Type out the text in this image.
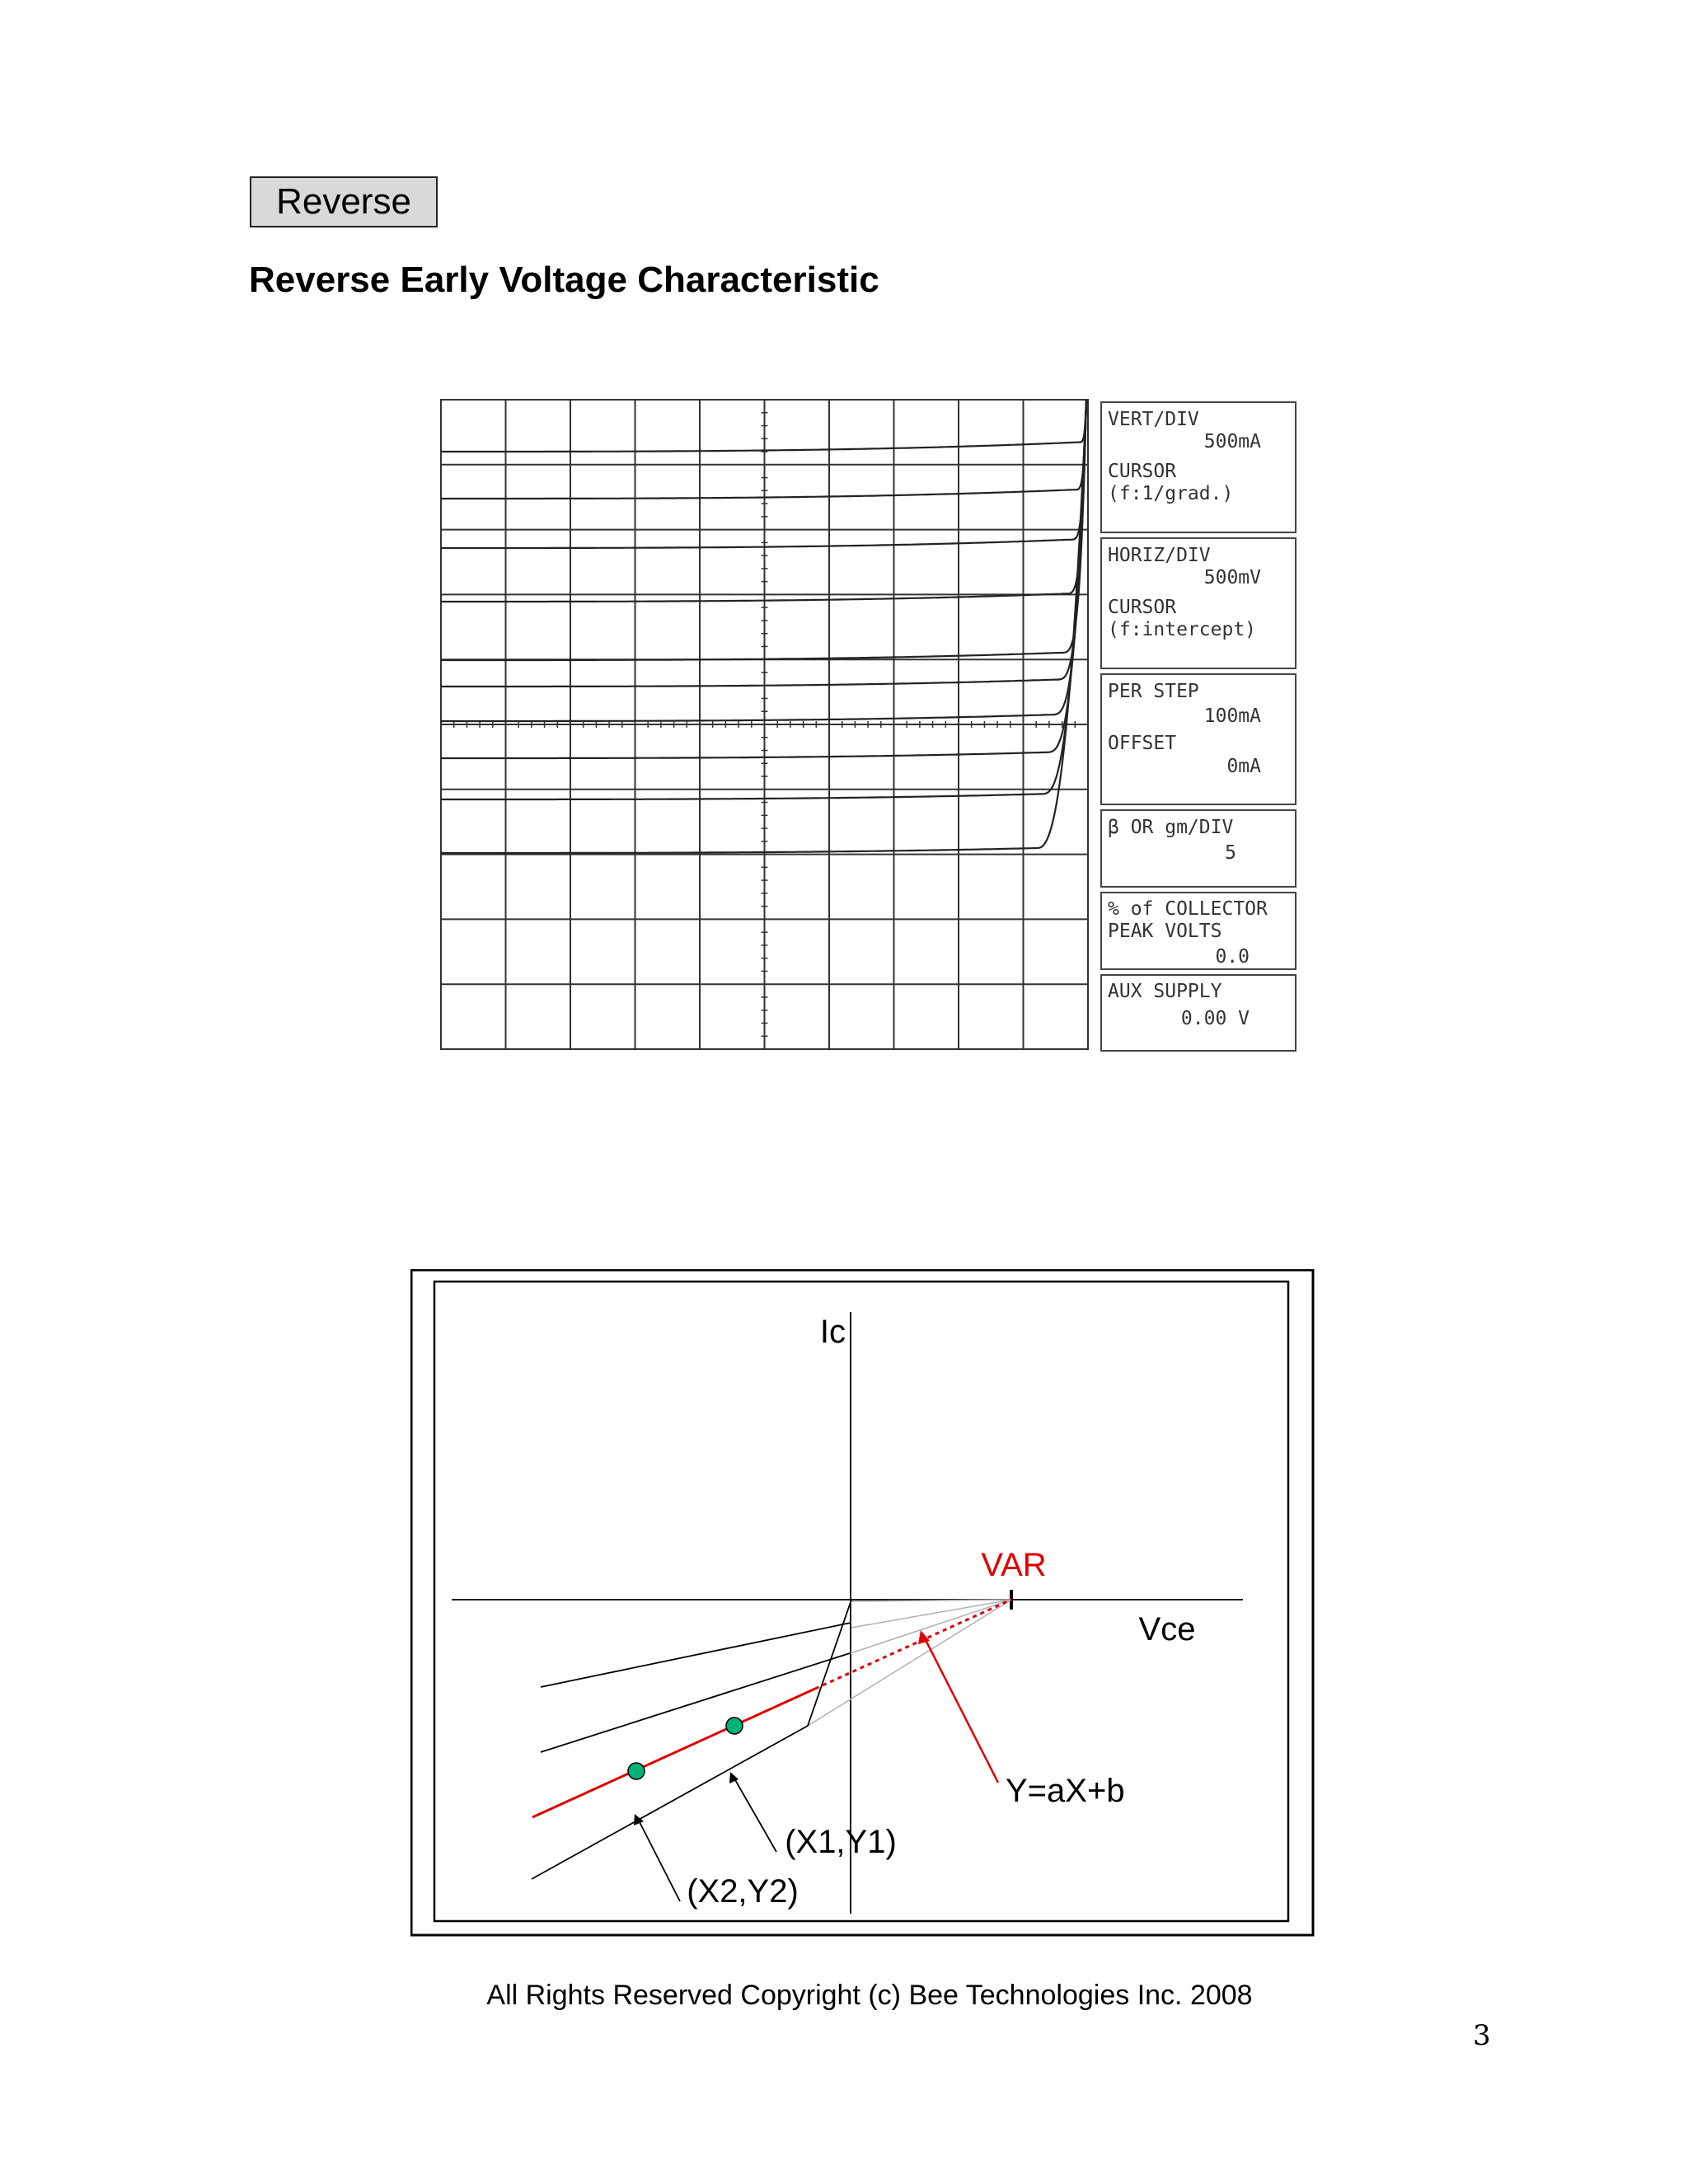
Reverse
Reverse Early Voltage Characteristic
VERT/DIV
500mA
CURSOR
(f:1/grad.)
HORIZ/DIV
500mV
CURSOR
(f:intercept)
PER STEP
100mA
OFFSET
0mA
β OR gm/DIV
5
% of COLLECTOR
PEAK VOLTS
0.0
AUX SUPPLY
0.00 V
Ic
Vce
VAR
Y=aX+b
(X1,Y1)
(X2,Y2)
All Rights Reserved Copyright (c) Bee Technologies Inc. 2008
3
